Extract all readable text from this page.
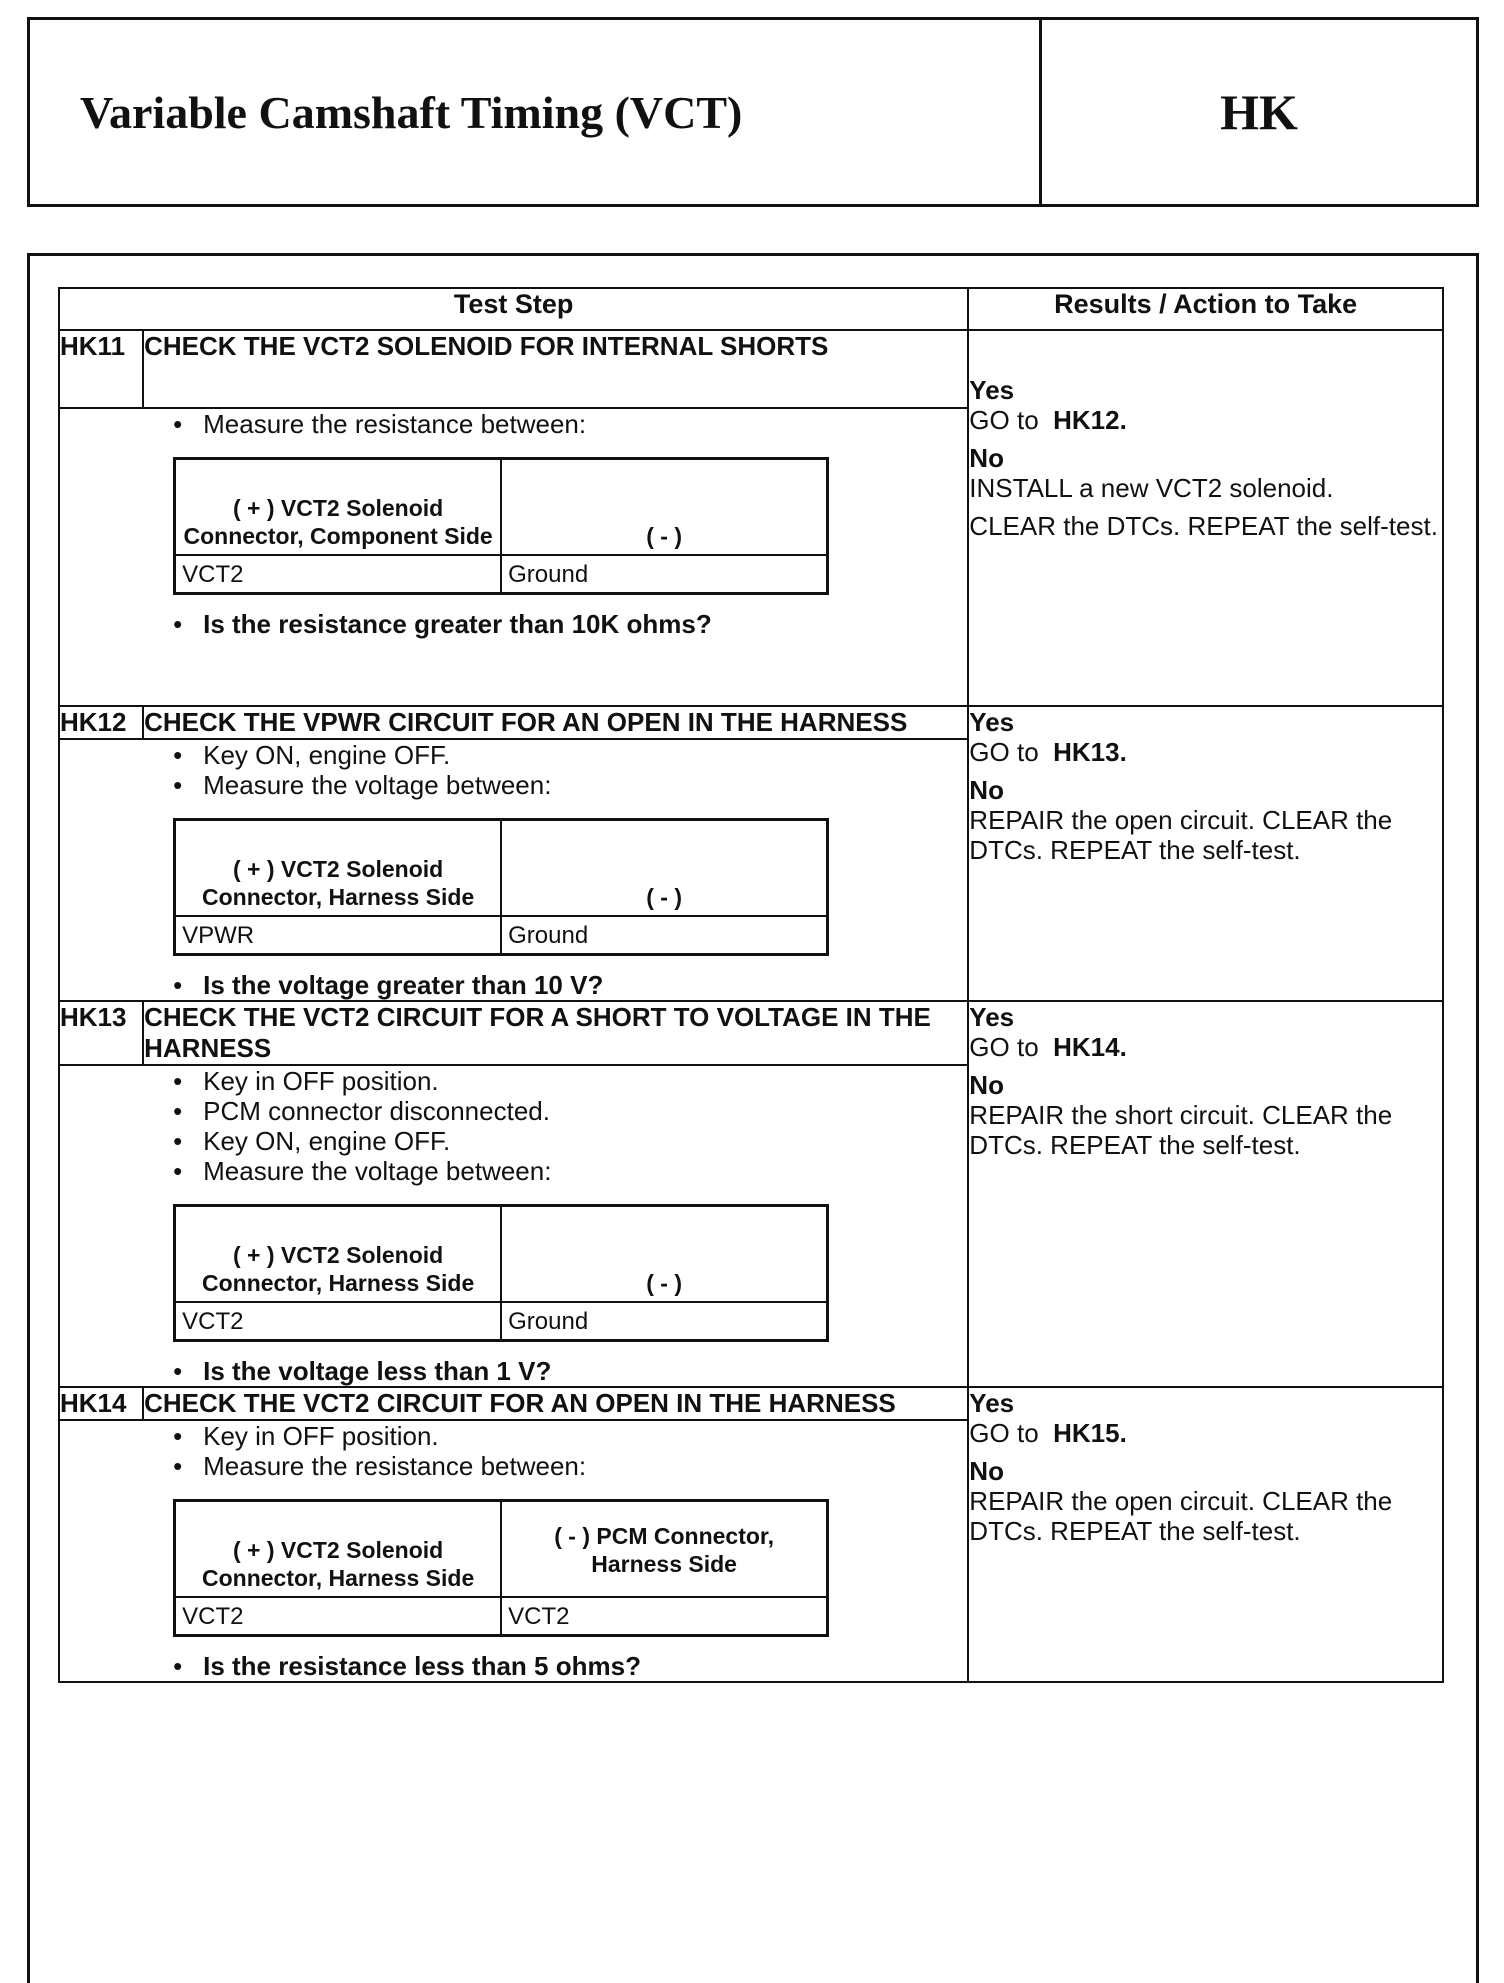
Variable Camshaft Timing (VCT)	HK
Test Step	Results / Action to Take
HK11	CHECK THE VCT2 SOLENOID FOR INTERNAL SHORTS	
Yes
GO to HK12.
No
INSTALL a new VCT2 solenoid.
CLEAR the DTCs. REPEAT the self-test.

• Measure the resistance between:
( + ) VCT2 Solenoid Connector, Component Side	( - )
VCT2	Ground
• Is the resistance greater than 10K ohms?

HK12	CHECK THE VPWR CIRCUIT FOR AN OPEN IN THE HARNESS	Yes
GO to HK13.
No
REPAIR the open circuit. CLEAR the DTCs. REPEAT the self-test.

• Key ON, engine OFF.
• Measure the voltage between:
( + ) VCT2 Solenoid Connector, Harness Side	( - )
VPWR	Ground
• Is the voltage greater than 10 V?

HK13	CHECK THE VCT2 CIRCUIT FOR A SHORT TO VOLTAGE IN THE HARNESS	
Yes
GO to HK14.
No
REPAIR the short circuit. CLEAR the DTCs. REPEAT the self-test.

• Key in OFF position.
• PCM connector disconnected.
• Key ON, engine OFF.
• Measure the voltage between:
( + ) VCT2 Solenoid Connector, Harness Side	( - )
VCT2	Ground
• Is the voltage less than 1 V?

HK14	CHECK THE VCT2 CIRCUIT FOR AN OPEN IN THE HARNESS	Yes
GO to HK15.
No
REPAIR the open circuit. CLEAR the DTCs. REPEAT the self-test.

• Key in OFF position.
• Measure the resistance between:
( + ) VCT2 Solenoid Connector, Harness Side	( - ) PCM Connector, Harness Side
VCT2	VCT2
• Is the resistance less than 5 ohms?
